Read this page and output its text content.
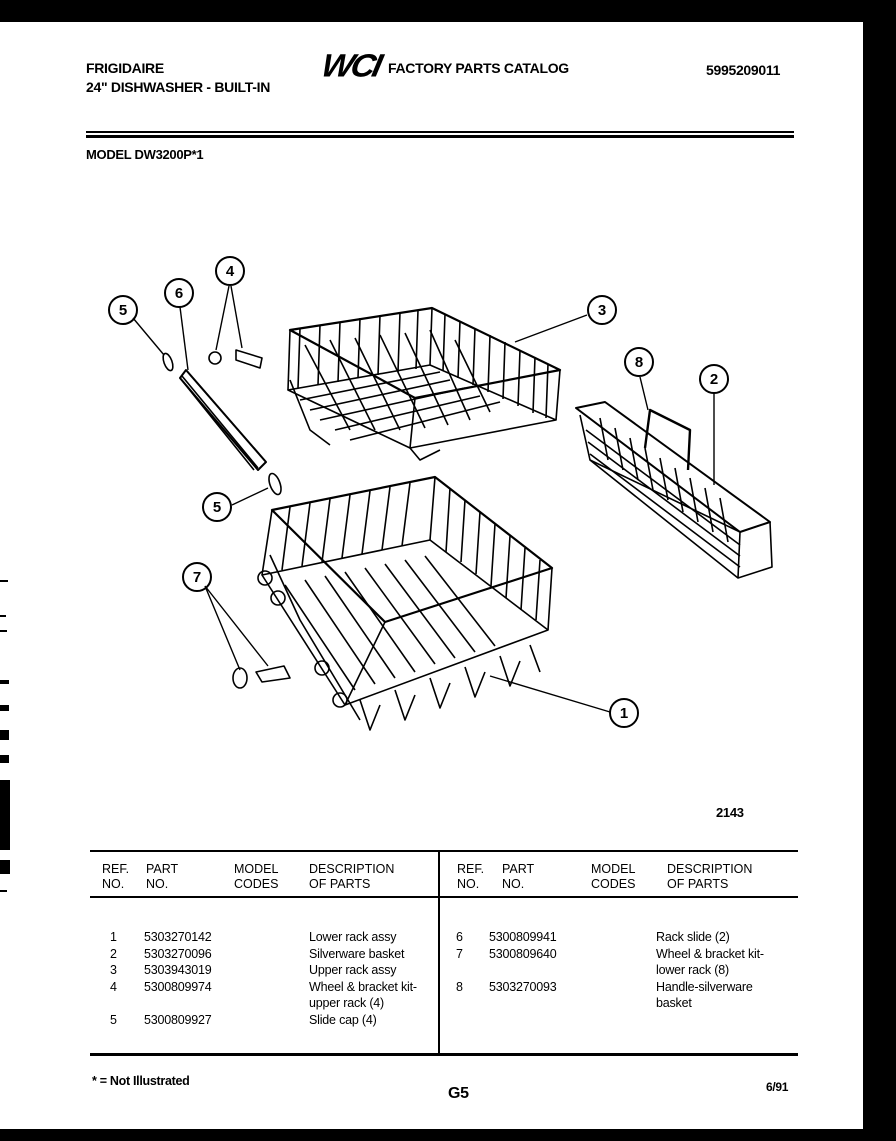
FRIGIDAIRE
24" DISHWASHER - BUILT-IN
WCI FACTORY PARTS CATALOG	5995209011
MODEL DW3200P*1
5
6
4
3
8
2
5
7
1
2143
REF.
NO.
PART
NO.
MODEL
CODES
DESCRIPTION
OF PARTS
REF.
NO.
PART
NO.
MODEL
CODES
DESCRIPTION
OF PARTS
1
2
3
4

5
5303270142
5303270096
5303943019
5300809974

5300809927
Lower rack assy
Silverware basket
Upper rack assy
Wheel & bracket kit-
upper rack (4)
Slide cap (4)
6
7

8
5300809941
5300809640

5303270093
Rack slide (2)
Wheel & bracket kit-
lower rack (8)
Handle-silverware
basket
* = Not Illustrated
G5	6/91
